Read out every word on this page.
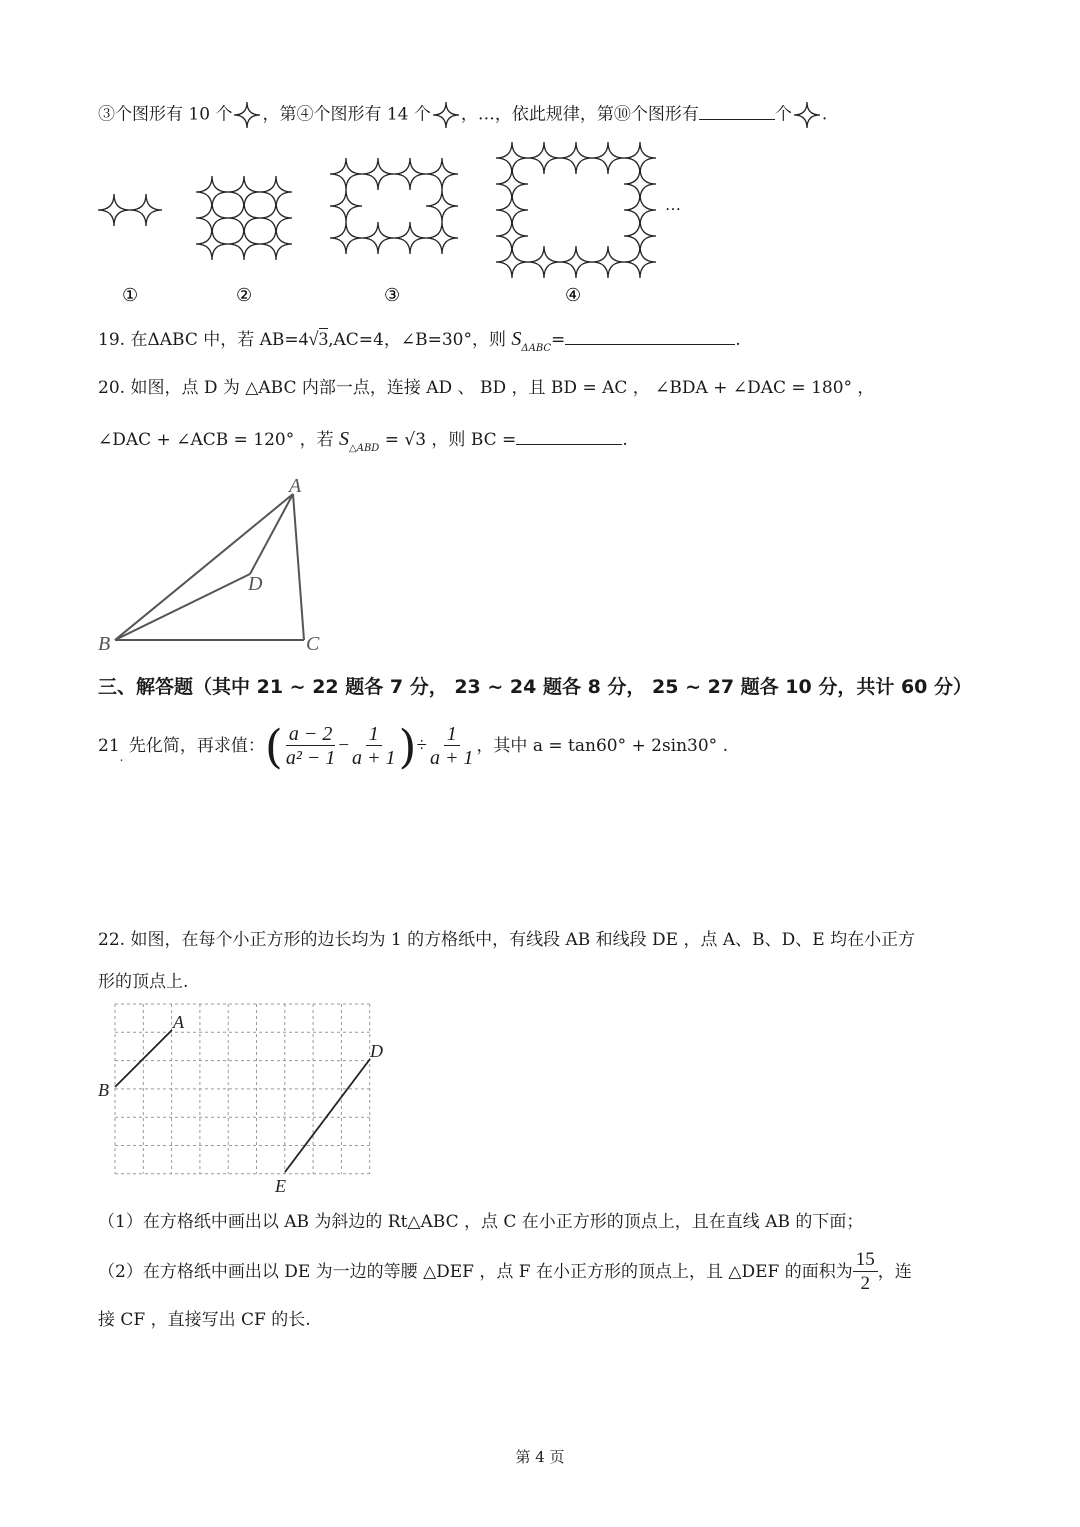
③个图形有 10 个 ，第④个图形有 14 个 ，…，依此规律，第⑩个图形有	个 .
…
①	②	③	④
19. 在ΔABC 中，若 AB=4√3,AC=4，∠B=30°，则 $S_{\Delta ABC}=$	.
20. 如图，点 D 为 △ABC 内部一点，连接 AD 、 BD ，且 BD = AC ， ∠BDA + ∠DAC = 180° ，
∠DAC + ∠ACB = 120° ，若 $S_{\triangle ABD} = √3$ ，则 BC =	.
A
B	C
D
三、解答题（其中 21 ~ 22 题各 7 分， 23 ~ 24 题各 8 分， 25 ~ 27 题各 10 分，共计 60 分）
$21_.$ 先化简，再求值：( $\frac{a - 2}{\text{a² − 1}} - \frac{1}{a + 1}$ )÷ $\frac{1}{a + 1}$ ，其中 a = tan60° + 2sin30° .
22. 如图，在每个小正方形的边长均为 1 的方格纸中，有线段 AB 和线段 DE ，点 A、B、D、E 均在小正方
形的顶点上.
A
B
D
E
（1）在方格纸中画出以 AB 为斜边的 Rt△ABC ，点 C 在小正方形的顶点上，且在直线 AB 的下面；
（2）在方格纸中画出以 DE 为一边的等腰 △DEF ，点 F 在小正方形的顶点上，且 △DEF 的面积为 $\frac{15}{2}$ ，连
接 CF ，直接写出 CF 的长.
第 4 页
